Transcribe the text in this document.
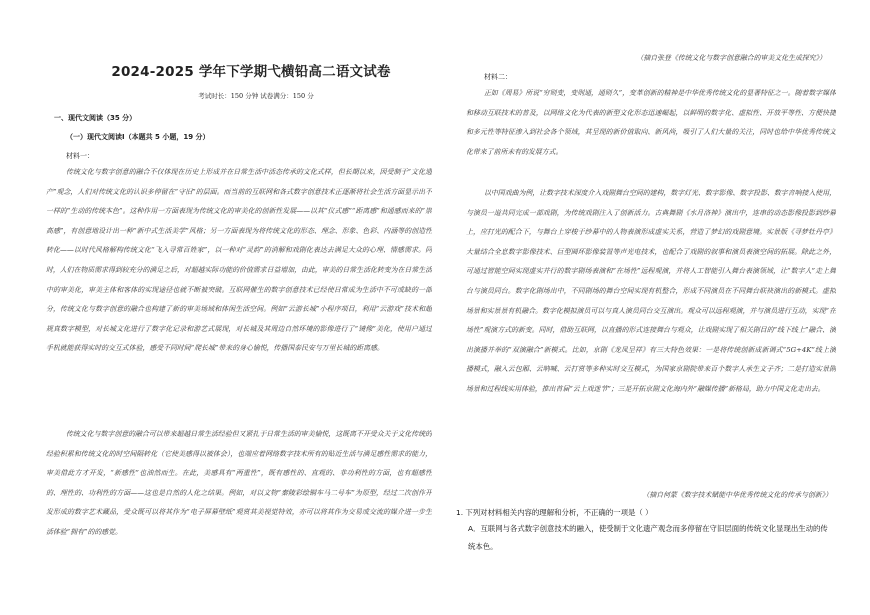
2024-2025 学年下学期弋横铅高二语文试卷
考试时长：150 分钟 试卷满分：150 分
一、现代文阅读（35 分）
（一）现代文阅读Ⅰ（本题共 5 小题，19 分）
材料一：
传统文化与数字创意的融合不仅体现在历史上形成并在日常生活中活态传承的文化式样，但长期以来，因受制于“文化遗产”观念，人们对传统文化的认识多停留在“守旧”的层面。而当前的互联网和各式数字创意技术正逐渐将社会生活方面显示出不一样的“生动的传统本色”。这种作用一方面表现为传统文化的审美化的创新性发展——以其“仪式感”“距离感”和通感而来的“崇高感”，有创意地设计出一种“新中式生活美学”风格；另一方面表现为将传统文化的形态、理念、形象、色彩、内涵等的创造性转化——以时代风格解构传统文化“飞入寻常百姓家”，以一种对“灵韵”的消解和戏剧化表达去满足大众的心理、情感需求。同时，人们在物质需求得到较充分的满足之后，对超越实际功能的价值需求日益增加，由此，审美的日常生活化转变为在日常生活中的审美化，审美主体和客体的实现途径也就不断被突破。互联网催生的数字创意技术已经使日常成为生活中不可或缺的一部分，传统文化与数字创意的融合也构建了新的审美场域和体闲生活空间。例如“云游长城”小程序项目，利用“云游戏”技术和超规真数字模型，对长城文化进行了数字化记录和游艺式展现，对长城及其周边自然环境的影像进行了“镜像”美化，使用户通过手机就能获得实时的交互式体验，感受不同时间“爬长城”带来的身心愉悦，传播国泰民安与万里长城的距离感。
传统文化与数字创意的融合可以带来超越日常生活经验但又紧扎于日常生活的审美愉悦，这既离不开受众关于文化传统的经验积累和传统文化的时空间隔转化（它使美感得以被体会），也端应着网络数字技术所有的贴近生活与满足感性需求的能力，审美借此方才开发，“新感性”也油然而生。在此，美感具有“两重性”，既有感性的、直观的、非功利性的方面，也有超感性的、理性的、功利性的方面——这也是自然的人化之结果。例如，对以文物“秦陵彩绘铜车马二号车”为原型，经过二次创作开发形成的数字艺术藏品，受众既可以将其作为“电子屏幕壁纸”观赏其美视觉特效，亦可以将其作为交易或交流的媒介进一步生活体验“拥有”的的感觉。
（摘自张登《传统文化与数字创意融合的审美文化生成探究》）
材料二：
正如《周易》所说“穷则变，变则通，通则久”，变革创新的精神是中华优秀传统文化的显著特征之一。随着数字媒体和移动互联技术的普及，以网络文化为代表的新型文化形态迅速崛起，以鲜明的数字化、虚拟性、开放平等性、方便快捷和多元性等特征渗入到社会各个领域，其呈现的新价值取向、新风尚，吸引了人们大量的关注，同时也给中华优秀传统文化带来了前所未有的发展方式。
以中国戏曲为例，让数字技术深度介入戏剧舞台空间的建构，数字灯光、数字影像、数字投影、数字音响接入使用，与演员一道共同完成一部戏剧，为传统戏剧注入了创新活力。古典舞剧《水月洛神》演出中，连串的动态影像投影到纱幕上，应打光的配合下，与舞台上穿梭于纱幕中的人物表演形成虚实关系，营造了梦幻的戏剧意境。实景版《寻梦牡丹亭》大量结合全息数字影像技术、巨型圆环影像装置等声光电技术，也配合了戏剧的叙事和演员表演空间的拓展。除此之外，可通过智能空间实现虚实并行的数字剧场表演和“在场性”远程观演，并将人工智能引入舞台表演领域，让“数字人”走上舞台与演员同台。数字化剧场出中，不同剧场的舞台空间实现有机整合，形成不同演员在不同舞台联袂演出的新模式。虚拟场景和实景景有机融合。数字化模拟演员可以与真人演员同台交互演出。观众可以远程观演，并与演员进行互动，实现“在场性”观演方式的新变。同时，借助互联网，以直播的形式连接舞台与观众，让戏剧实现了相关剧目的“线下线上”融合、演出演播并举的“双演融合”新模式。比如，京剧《龙凤呈祥》有三大特色效果：一是将传统创新成新调式“5G+4K”线上演播模式，融入云包厢、云呐喊、云打赏等多种实时交互模式，为国家京剧院带来百个数字人承生文子齐；二是打造实景剧场景和过程线实用体验，推出首届“云上戏迷节”；三是开拓京剧文化海内外“融媒传播”新格局，助力中国文化走出去。
（摘自何蒙《数字技术赋能中华优秀传统文化的传承与创新》）
1. 下列对材料相关内容的理解和分析，不正确的一项是（ ）
A．互联网与各式数字创意技术的融入，使受制于文化遗产观念而多停留在守旧层面的传统文化显现出生动的传统本色。
